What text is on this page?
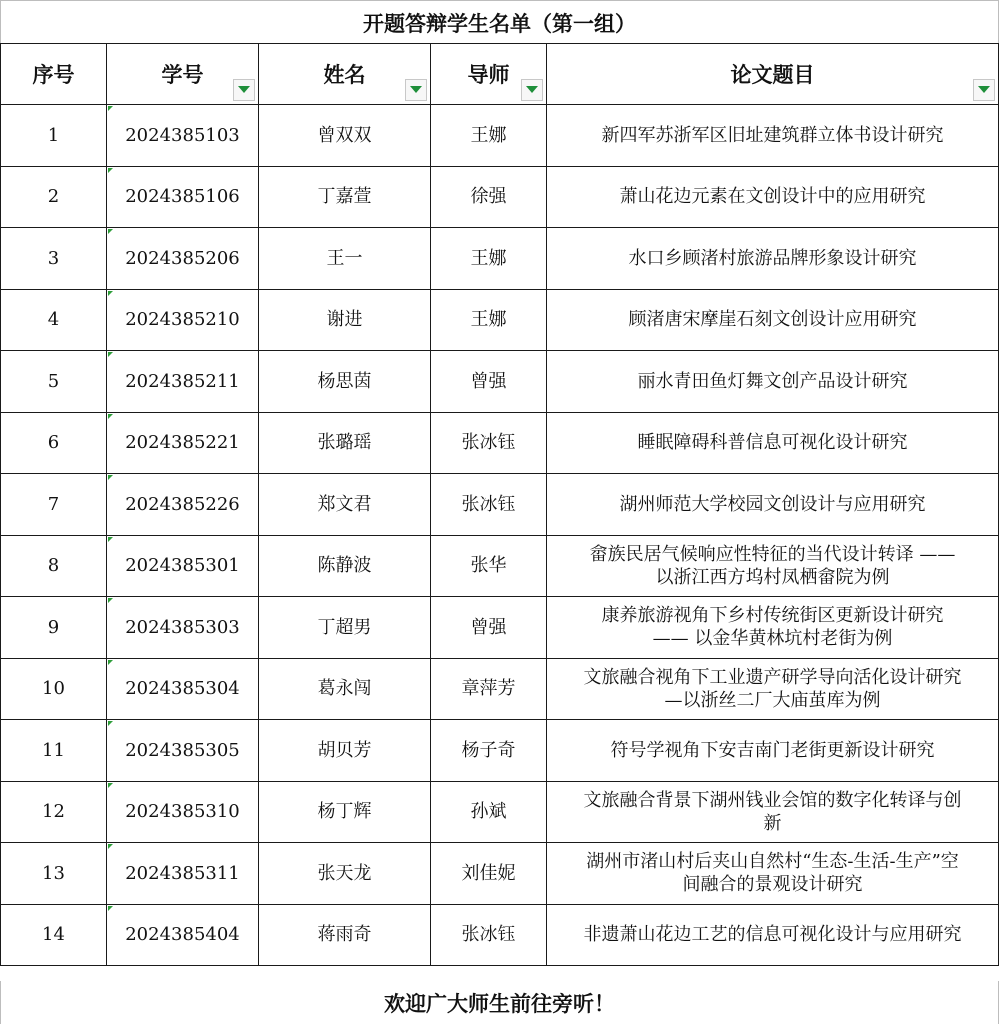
开题答辩学生名单（第一组）
序号	学号	姓名	导师	论文题目

1	2024385103	曾双双	王娜	新四军苏浙军区旧址建筑群立体书设计研究

2	2024385106	丁嘉萱	徐强	萧山花边元素在文创设计中的应用研究

3	2024385206	王一	王娜	水口乡顾渚村旅游品牌形象设计研究

4	2024385210	谢进	王娜	顾渚唐宋摩崖石刻文创设计应用研究

5	2024385211	杨思茵	曾强	丽水青田鱼灯舞文创产品设计研究

6	2024385221	张璐瑶	张冰钰	睡眠障碍科普信息可视化设计研究

7	2024385226	郑文君	张冰钰	湖州师范大学校园文创设计与应用研究

8	2024385301	陈静波	张华	畲族民居气候响应性特征的当代设计转译 ——
以浙江西方坞村凤栖畲院为例

9	2024385303	丁超男	曾强	康养旅游视角下乡村传统街区更新设计研究
—— 以金华黄林坑村老街为例

10	2024385304	葛永闯	章萍芳	文旅融合视角下工业遗产研学导向活化设计研究
—以浙丝二厂大庙茧库为例

11	2024385305	胡贝芳	杨子奇	符号学视角下安吉南门老街更新设计研究

12	2024385310	杨丁辉	孙斌	文旅融合背景下湖州钱业会馆的数字化转译与创
新

13	2024385311	张天龙	刘佳妮	湖州市渚山村后夹山自然村“生态-生活-生产”空
间融合的景观设计研究

14	2024385404	蒋雨奇	张冰钰	非遗萧山花边工艺的信息可视化设计与应用研究
欢迎广大师生前往旁听！
